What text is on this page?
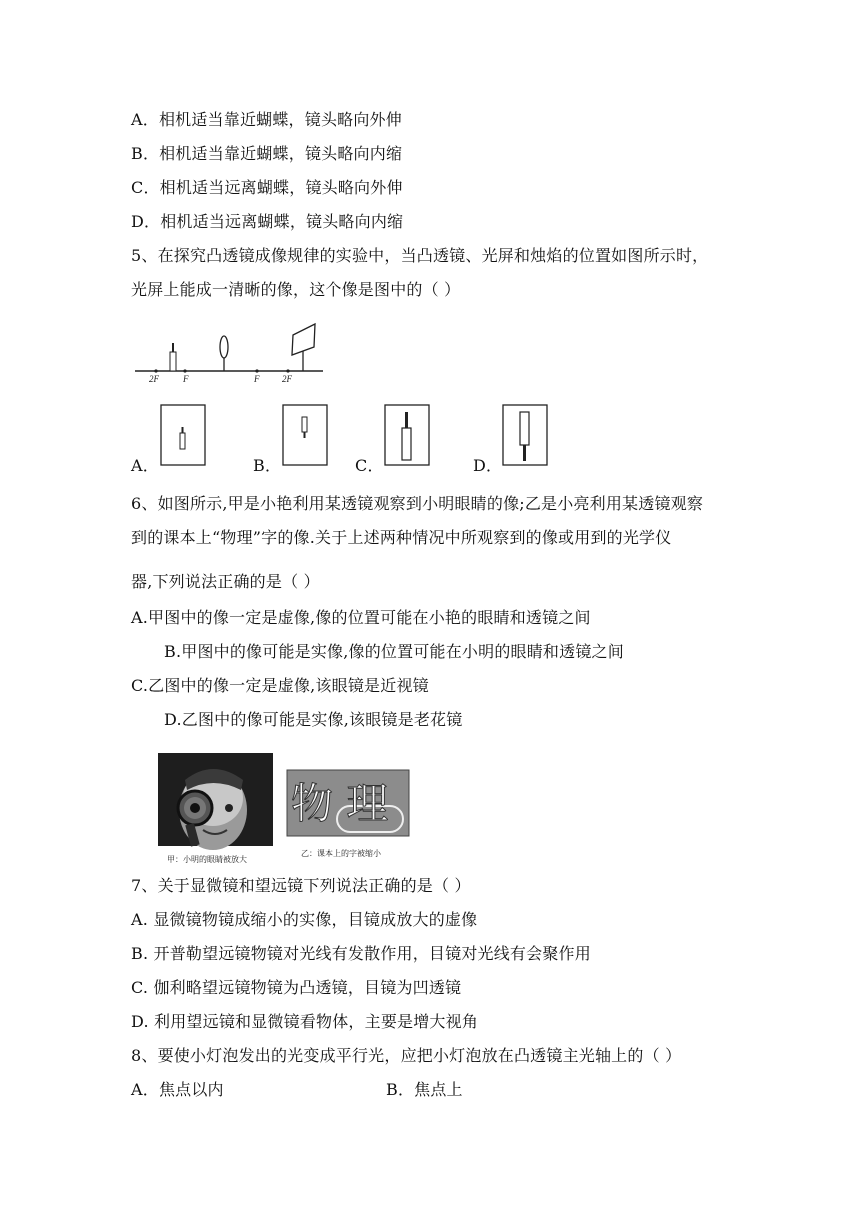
A．相机适当靠近蝴蝶，镜头略向外伸
B．相机适当靠近蝴蝶，镜头略向内缩
C．相机适当远离蝴蝶，镜头略向外伸
D．相机适当远离蝴蝶，镜头略向内缩
5、在探究凸透镜成像规律的实验中，当凸透镜、光屏和烛焰的位置如图所示时，
光屏上能成一清晰的像，这个像是图中的（ ）
2F	F	F	2F
A．	B．	C．	D．
6、如图所示,甲是小艳利用某透镜观察到小明眼睛的像;乙是小亮利用某透镜观察
到的课本上“物理”字的像.关于上述两种情况中所观察到的像或用到的光学仪
器,下列说法正确的是（ ）
A.甲图中的像一定是虚像,像的位置可能在小艳的眼睛和透镜之间
B.甲图中的像可能是实像,像的位置可能在小明的眼睛和透镜之间
C.乙图中的像一定是虚像,该眼镜是近视镜
D.乙图中的像可能是实像,该眼镜是老花镜
甲：小明的眼睛被放大
物 理
乙：课本上的字被缩小
7、关于显微镜和望远镜下列说法正确的是（ ）
A. 显微镜物镜成缩小的实像，目镜成放大的虚像
B. 开普勒望远镜物镜对光线有发散作用，目镜对光线有会聚作用
C. 伽利略望远镜物镜为凸透镜，目镜为凹透镜
D. 利用望远镜和显微镜看物体，主要是增大视角
8、要使小灯泡发出的光变成平行光，应把小灯泡放在凸透镜主光轴上的（ ）
A．焦点以内	B．焦点上
